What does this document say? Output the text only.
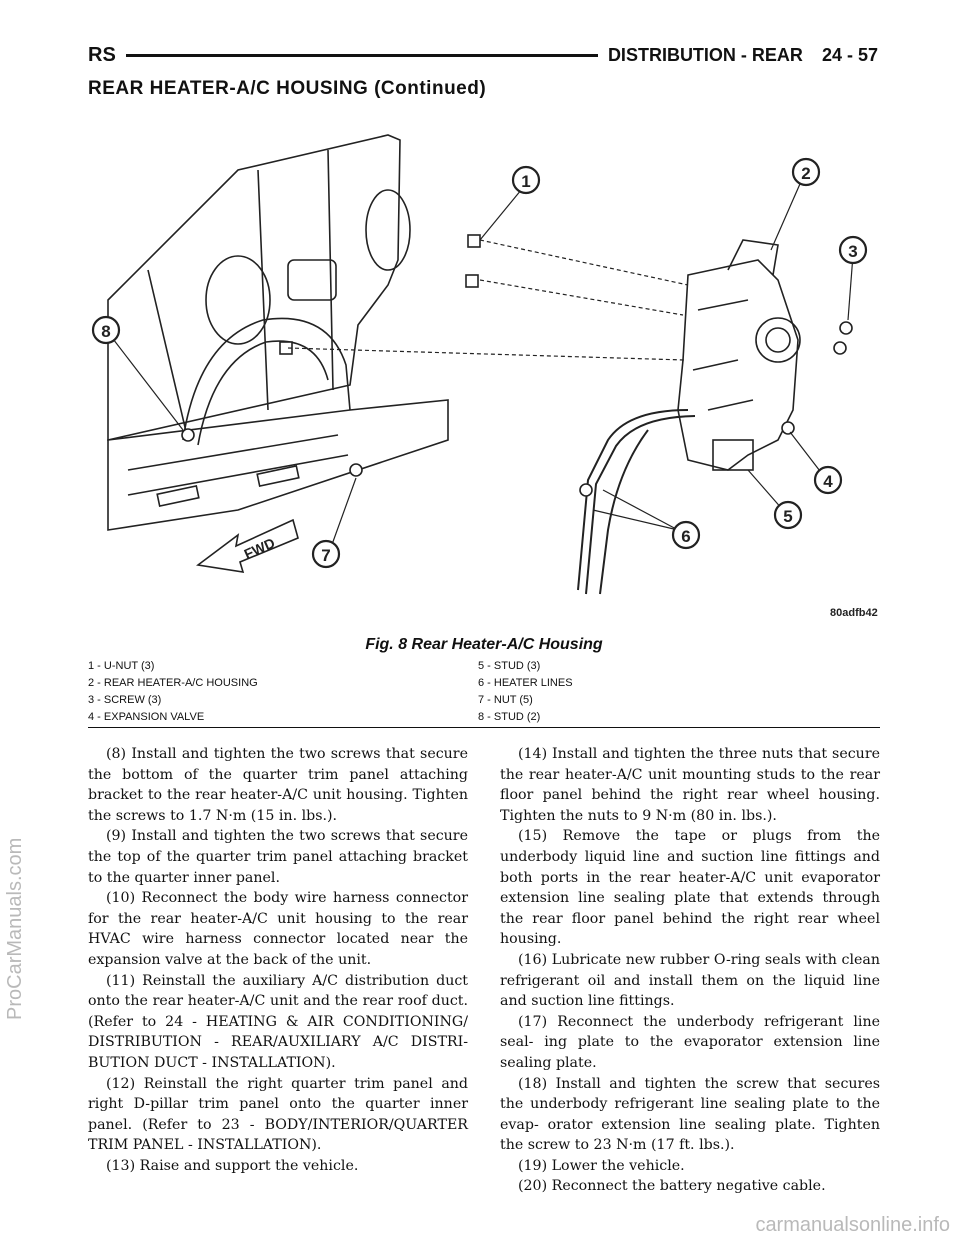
RS	DISTRIBUTION - REAR 24 - 57
REAR HEATER-A/C HOUSING (Continued)
FWD
1	2
3
4
5
6
7
8
80adfb42
Fig. 8 Rear Heater-A/C Housing
1 - U-NUT (3)	5 - STUD (3)
2 - REAR HEATER-A/C HOUSING	6 - HEATER LINES
3 - SCREW (3)	7 - NUT (5)
4 - EXPANSION VALVE	8 - STUD (2)

(8) Install and tighten the two screws that secure the bottom of the quarter trim panel attaching bracket to the rear heater-A/C unit housing. Tighten the screws to 1.7 N·m (15 in. lbs.).

(9) Install and tighten the two screws that secure the top of the quarter trim panel attaching bracket to the quarter inner panel.

(10) Reconnect the body wire harness connector for the rear heater-A/C unit housing to the rear HVAC wire harness connector located near the expansion valve at the back of the unit.

(11) Reinstall the auxiliary A/C distribution duct onto the rear heater-A/C unit and the rear roof duct. (Refer to 24 - HEATING & AIR CONDITIONING/ DISTRIBUTION - REAR/AUXILIARY A/C DISTRI- BUTION DUCT - INSTALLATION).

(12) Reinstall the right quarter trim panel and right D-pillar trim panel onto the quarter inner panel. (Refer to 23 - BODY/INTERIOR/QUARTER TRIM PANEL - INSTALLATION).

(13) Raise and support the vehicle.

(14) Install and tighten the three nuts that secure the rear heater-A/C unit mounting studs to the rear floor panel behind the right rear wheel housing. Tighten the nuts to 9 N·m (80 in. lbs.).

(15) Remove the tape or plugs from the underbody liquid line and suction line fittings and both ports in the rear heater-A/C unit evaporator extension line sealing plate that extends through the rear floor panel behind the right rear wheel housing.

(16) Lubricate new rubber O-ring seals with clean refrigerant oil and install them on the liquid line and suction line fittings.

(17) Reconnect the underbody refrigerant line seal- ing plate to the evaporator extension line sealing plate.

(18) Install and tighten the screw that secures the underbody refrigerant line sealing plate to the evap- orator extension line sealing plate. Tighten the screw to 23 N·m (17 ft. lbs.).

(19) Lower the vehicle.

(20) Reconnect the battery negative cable.

ProCarManuals.com
carmanualsonline.info
